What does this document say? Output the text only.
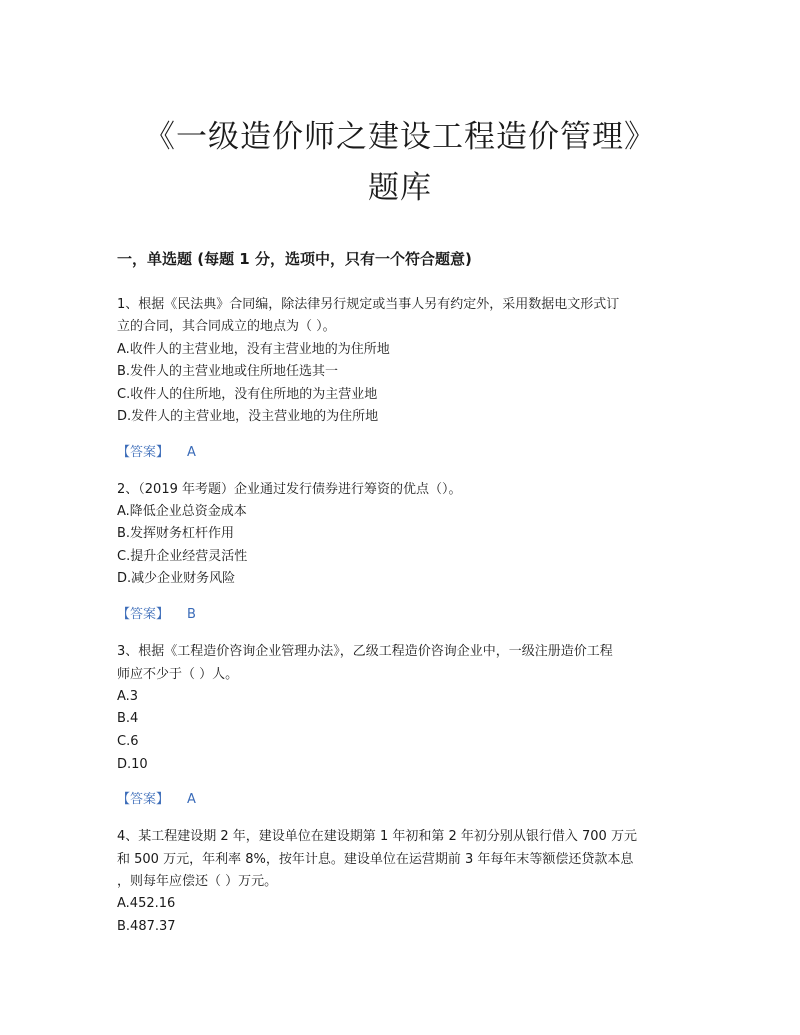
《一级造价师之建设工程造价管理》
题库
一，单选题 (每题 1 分，选项中，只有一个符合题意)

1、根据《民法典》合同编，除法律另行规定或当事人另有约定外，采用数据电文形式订

立的合同，其合同成立的地点为（ ）。

A.收件人的主营业地，没有主营业地的为住所地

B.发件人的主营业地或住所地任选其一

C.收件人的住所地，没有住所地的为主营业地

D.发件人的主营业地，没主营业地的为住所地

【答案】 A

2、（2019 年考题）企业通过发行债券进行筹资的优点（）。

A.降低企业总资金成本

B.发挥财务杠杆作用

C.提升企业经营灵活性

D.减少企业财务风险

【答案】 B

3、根据《工程造价咨询企业管理办法》，乙级工程造价咨询企业中，一级注册造价工程

师应不少于（ ）人。

A.3

B.4

C.6

D.10

【答案】 A

4、某工程建设期 2 年，建设单位在建设期第 1 年初和第 2 年初分别从银行借入 700 万元

和 500 万元，年利率 8%，按年计息。建设单位在运营期前 3 年每年末等额偿还贷款本息

，则每年应偿还（ ）万元。

A.452.16

B.487.37
